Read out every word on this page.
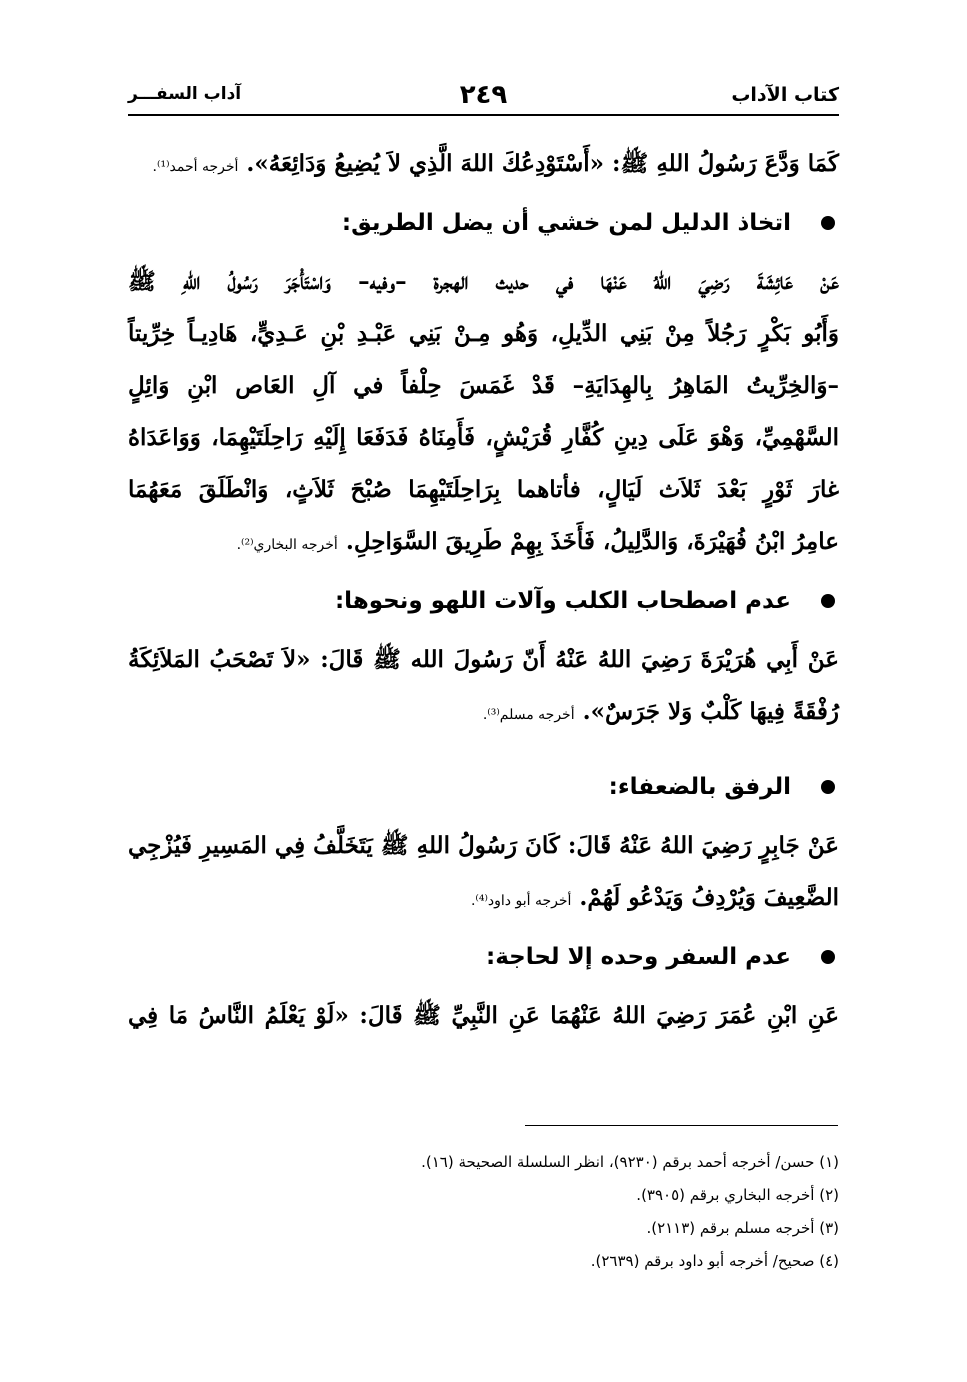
كتاب الآداب
٢٤٩
آداب السفـــر
كَمَا وَدَّعَ رَسُولُ اللهِ ﷺ: «أَسْتَوْدِعُكَ اللهَ الَّذِي لاَ يُضِيعُ وَدَائِعَهُ». أخرجه أحمد⁽¹⁾.
اتخاذ الدليل لمن خشي أن يضل الطريق:
عَنْ عَائِشَةَ رَضِيَ اللهُ عَنْهَا في حديث الهجرة –وفيه– وَاسْتَأْجَرَ رَسُولُ اللهِ ﷺ
وَأَبُو بَكْرٍ رَجُلاً مِنْ بَنِي الدِّيلِ، وَهُو مِـنْ بَنِي عَبْـدِ بْنِ عَـدِيٍّ، هَادِيـاً خِرِّيتاً
–وَالخِرِّيتُ المَاهِرُ بِالهِدَايَةِ– قَدْ غَمَسَ حِلْفاً في آلِ العَاص ابْنِ وَائِلٍ
السَّهْمِيِّ، وَهْوَ عَلَى دِينِ كُفَّارِ قُرَيْشٍ، فَأَمِنَاهُ فَدَفَعَا إِلَيْهِ رَاحِلَتَيْهِمَا، وَوَاعَدَاهُ
غارَ ثَوْرٍ بَعْدَ ثَلاَث لَيَالٍ، فأتاهما بِرَاحِلَتَيْهِمَا صُبْحَ ثَلاَثٍ، وَانْطَلَقَ مَعَهُمَا
عامِرُ ابْنُ فُهَيْرَةَ، وَالدَّلِيلُ، فَأَخَذَ بِهِمْ طَرِيقَ السَّوَاحِلِ. أخرجه البخاري⁽²⁾.
عدم اصطحاب الكلب وآلات اللهو ونحوها:
عَنْ أَبِي هُرَيْرَةَ رَضِيَ اللهُ عَنْهُ أَنّ رَسُولَ الله ﷺ قَالَ: «لاَ تَصْحَبُ المَلاَئِكَةُ
رُفْقَةً فِيهَا كَلْبٌ وَلا جَرَسٌ». أخرجه مسلم⁽³⁾.
الرفق بالضعفاء:
عَنْ جَابِرٍ رَضِيَ اللهُ عَنْهُ قَالَ: كَانَ رَسُولُ اللهِ ﷺ يَتَخَلَّفُ فِي المَسِيرِ فَيُزْجِي
الضَّعِيفَ وَيُرْدِفُ وَيَدْعُو لَهُمْ. أخرجه أبو داود⁽⁴⁾.
عدم السفر وحده إلا لحاجة:
عَنِ ابْنِ عُمَرَ رَضِيَ اللهُ عَنْهُمَا عَنِ النَّبِيِّ ﷺ قَالَ: «لَوْ يَعْلَمُ النَّاسُ مَا فِي
(١) حسن/ أخرجه أحمد برقم (٩٢٣٠)، انظر السلسلة الصحيحة (١٦).
(٢) أخرجه البخاري برقم (٣٩٠٥).
(٣) أخرجه مسلم برقم (٢١١٣).
(٤) صحيح/ أخرجه أبو داود برقم (٢٦٣٩).
